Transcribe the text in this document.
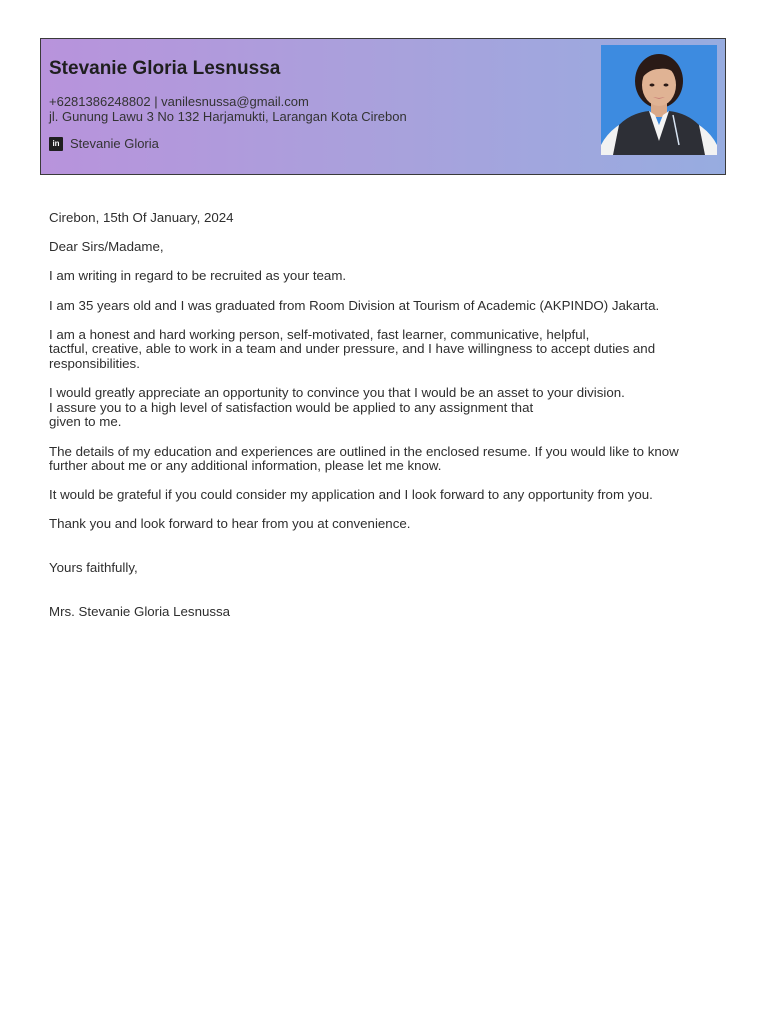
Stevanie Gloria Lesnussa
+6281386248802 | vanilesnussa@gmail.com
jl. Gunung Lawu 3 No 132 Harjamukti, Larangan Kota Cirebon
in Stevanie Gloria

Cirebon, 15th Of January, 2024

Dear Sirs/Madame,

I am writing in regard to be recruited as your team.

I am 35 years old and I was graduated from Room Division at Tourism of Academic (AKPINDO) Jakarta.

I am a honest and hard working person, self-motivated, fast learner, communicative, helpful,
tactful, creative, able to work in a team and under pressure, and I have willingness to accept duties and
responsibilities.

I would greatly appreciate an opportunity to convince you that I would be an asset to your division.
I assure you to a high level of satisfaction would be applied to any assignment that
given to me.

The details of my education and experiences are outlined in the enclosed resume. If you would like to know
further about me or any additional information, please let me know.

It would be grateful if you could consider my application and I look forward to any opportunity from you.

Thank you and look forward to hear from you at convenience.

Yours faithfully,

Mrs. Stevanie Gloria Lesnussa
